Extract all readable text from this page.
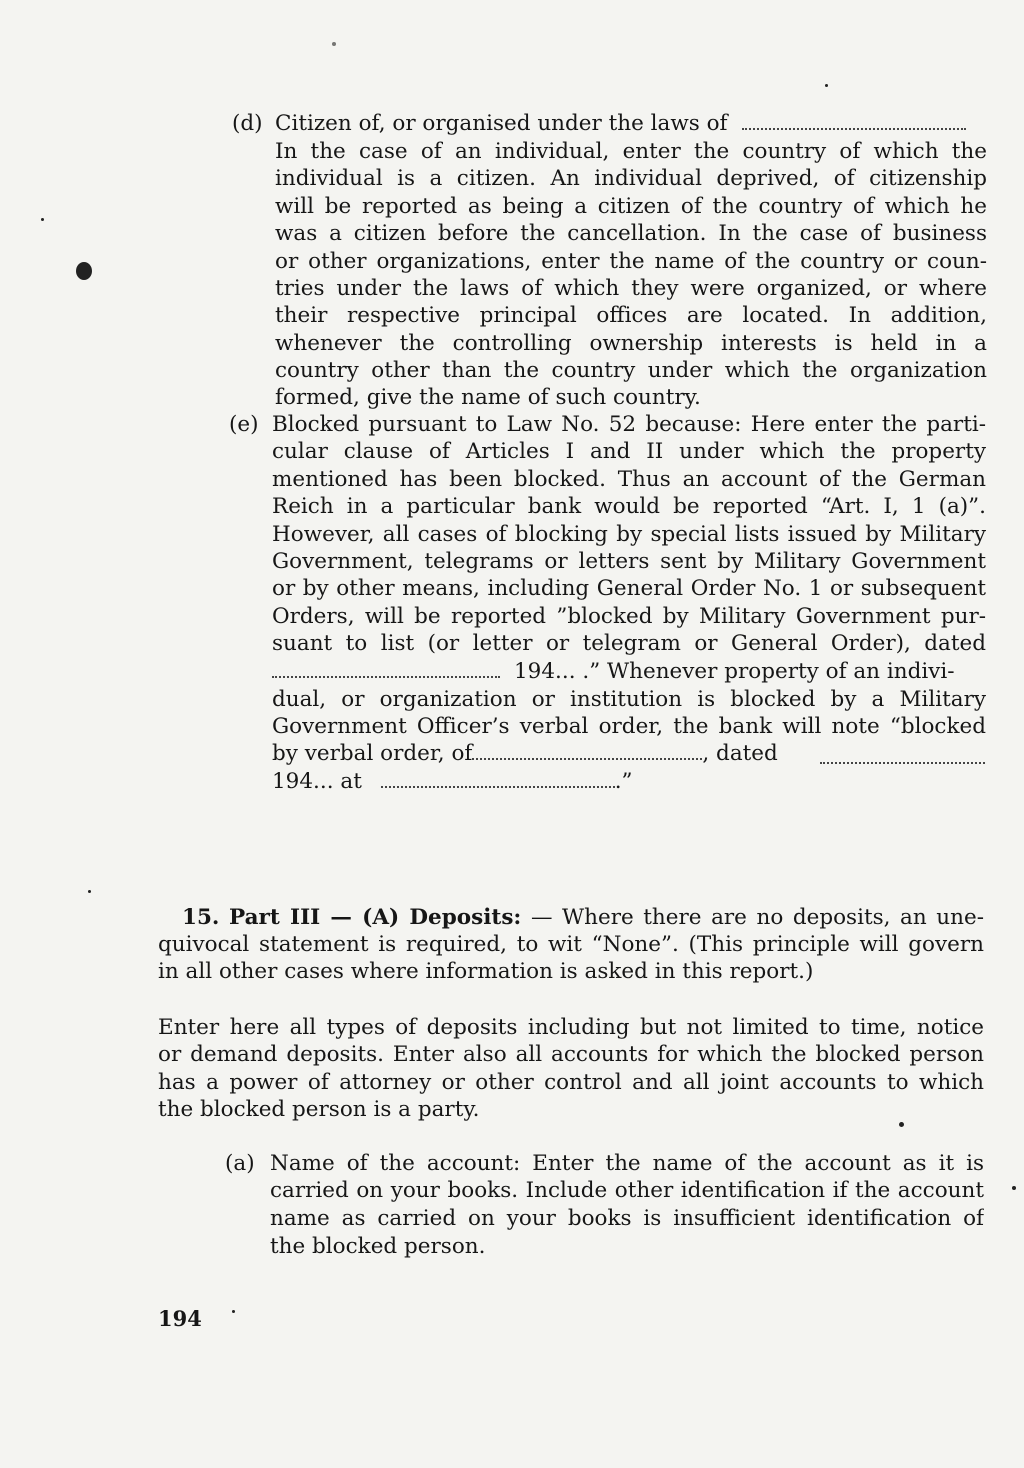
(d) Citizen of, or organised under the laws of
In the case of an individual, enter the country of which the
individual is a citizen. An individual deprived, of citizenship
will be reported as being a citizen of the country of which he
was a citizen before the cancellation. In the case of business
or other organizations, enter the name of the country or coun-
tries under the laws of which they were organized, or where
their respective principal offices are located. In addition,
whenever the controlling ownership interests is held in a
country other than the country under which the organization
formed, give the name of such country.
(e) Blocked pursuant to Law No. 52 because: Here enter the parti-
cular clause of Articles I and II under which the property
mentioned has been blocked. Thus an account of the German
Reich in a particular bank would be reported “Art. I, 1 (a)”.
However, all cases of blocking by special lists issued by Military
Government, telegrams or letters sent by Military Government
or by other means, including General Order No. 1 or subsequent
Orders, will be reported ”blocked by Military Government pur-
suant to list (or letter or telegram or General Order), dated
194... .” Whenever property of an indivi-
dual, or organization or institution is blocked by a Military
Government Officer’s verbal order, the bank will note “blocked
by verbal order, of	, dated
194... at	.”
15. Part III — (A) Deposits: — Where there are no deposits, an une-
quivocal statement is required, to wit “None”. (This principle will govern
in all other cases where information is asked in this report.)
Enter here all types of deposits including but not limited to time, notice
or demand deposits. Enter also all accounts for which the blocked person
has a power of attorney or other control and all joint accounts to which
the blocked person is a party.
(a) Name of the account: Enter the name of the account as it is
carried on your books. Include other identification if the account
name as carried on your books is insufficient identification of
the blocked person.
194
